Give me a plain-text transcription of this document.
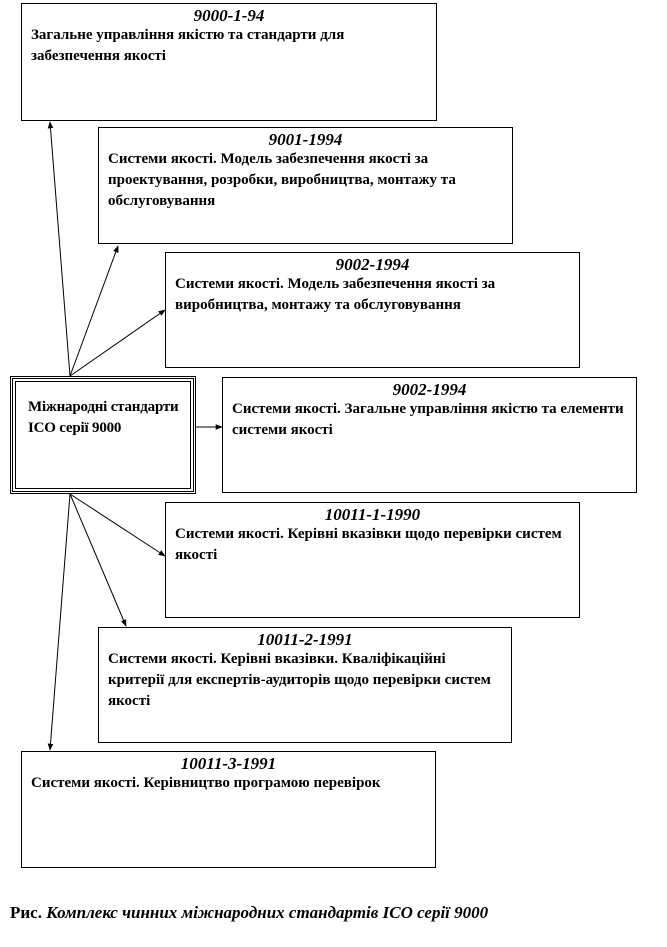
9000-1-94
Загальне управління якістю та стандарти для забезпечення якості
9001-1994
Системи якості. Модель забезпечення якості за проектування, розробки, виробництва, монтажу та обслуговування
9002-1994
Системи якості. Модель забезпечення якості за виробництва, монтажу та обслуговування
Міжнародні стандарти ІСО серії 9000
9002-1994
Системи якості. Загальне управління якістю та елементи системи якості
10011-1-1990
Системи якості. Керівні вказівки щодо перевірки систем якості
10011-2-1991
Системи якості. Керівні вказівки. Кваліфікаційні критерії для експертів-аудиторів щодо перевірки систем якості
10011-3-1991
Системи якості. Керівництво програмою перевірок
Рис. Комплекс чинних міжнародних стандартів ІСО серії 9000
